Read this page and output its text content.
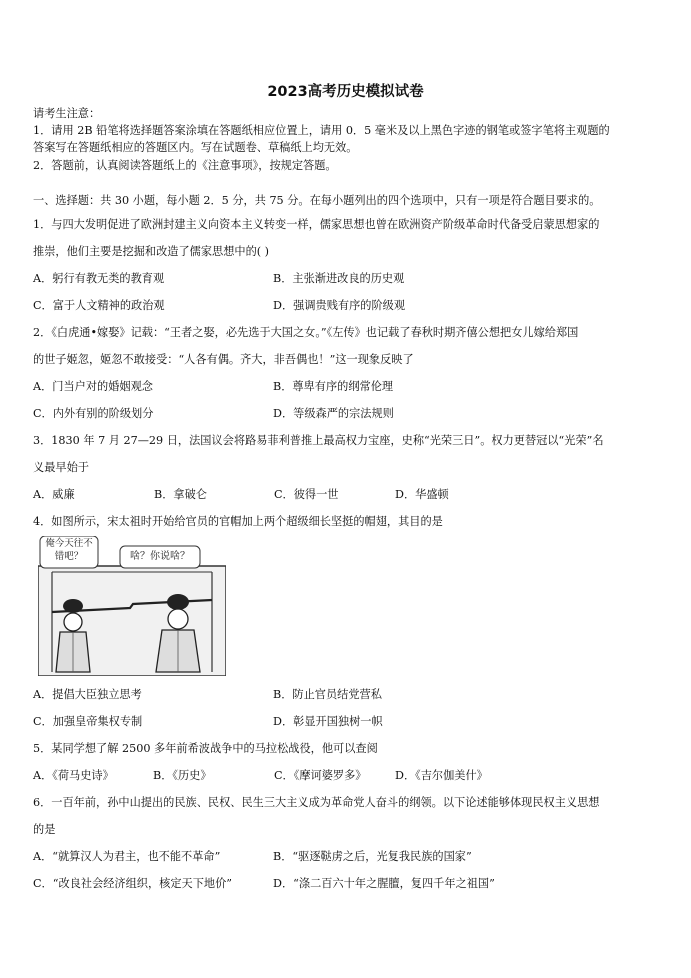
2023高考历史模拟试卷
请考生注意：
1．请用 2B 铅笔将选择题答案涂填在答题纸相应位置上，请用 0．5 毫米及以上黑色字迹的钢笔或签字笔将主观题的
答案写在答题纸相应的答题区内。写在试题卷、草稿纸上均无效。
2．答题前，认真阅读答题纸上的《注意事项》，按规定答题。
一、选择题：共 30 小题，每小题 2．5 分，共 75 分。在每小题列出的四个选项中，只有一项是符合题目要求的。
1．与四大发明促进了欧洲封建主义向资本主义转变一样，儒家思想也曾在欧洲资产阶级革命时代备受启蒙思想家的
推崇，他们主要是挖掘和改造了儒家思想中的( )
A．躬行有教无类的教育观	B．主张渐进改良的历史观
C．富于人文精神的政治观	D．强调贵贱有序的阶级观
2．《白虎通•嫁娶》记载：“王者之娶，必先选于大国之女。”《左传》也记载了春秋时期齐僖公想把女儿嫁给郑国
的世子姬忽，姬忽不敢接受：“人各有偶。齐大，非吾偶也！”这一现象反映了
A．门当户对的婚姻观念	B．尊卑有序的纲常伦理
C．内外有别的阶级划分	D．等级森严的宗法规则
3．1830 年 7 月 27—29 日，法国议会将路易菲利普推上最高权力宝座，史称“光荣三日”。权力更替冠以“光荣”名
义最早始于
A．威廉	B．拿破仑	C．彼得一世	D．华盛顿
4．如图所示，宋太祖时开始给官员的官帽加上两个超级细长坚挺的帽翅，其目的是
俺今天往不错吧？	啥？你说啥？
A．提倡大臣独立思考	B．防止官员结党营私
C．加强皇帝集权专制	D．彰显开国独树一帜
5．某同学想了解 2500 多年前希波战争中的马拉松战役，他可以查阅
A．《荷马史诗》	B．《历史》	C．《摩诃婆罗多》	D．《吉尔伽美什》
6．一百年前，孙中山提出的民族、民权、民生三大主义成为革命党人奋斗的纲领。以下论述能够体现民权主义思想
的是
A．“就算汉人为君主，也不能不革命”	B．“驱逐鞑虏之后，光复我民族的国家”
C．“改良社会经济组织，核定天下地价”	D．“涤二百六十年之腥膻，复四千年之祖国”
